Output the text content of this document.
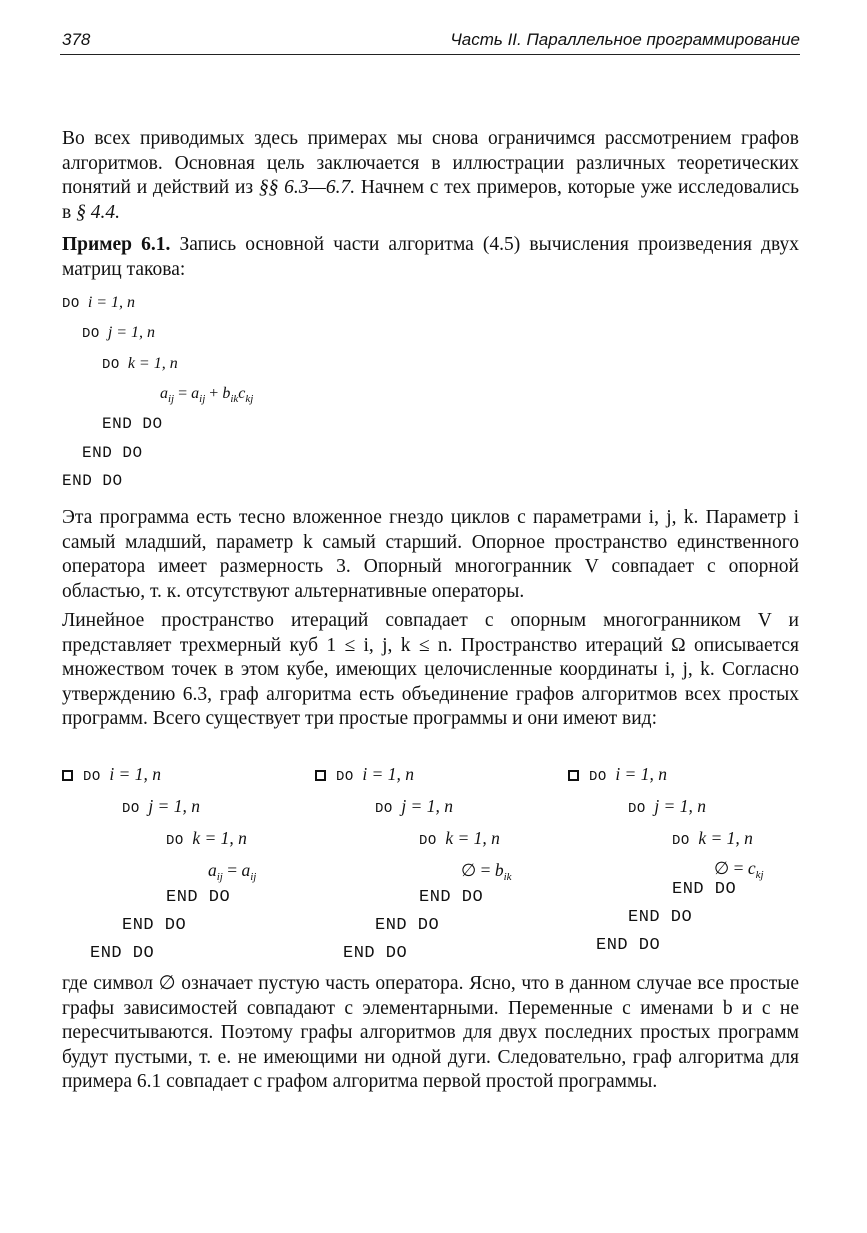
378	Часть II. Параллельное программирование

Во всех приводимых здесь примерах мы снова ограничимся рассмотрением графов алгоритмов. Основная цель заключается в иллюстрации различных теоретических понятий и действий из §§ 6.3—6.7. Начнем с тех примеров, которые уже исследовались в § 4.4.

Пример 6.1. Запись основной части алгоритма (4.5) вычисления произведения двух матриц такова:

DO i = 1, n
DO j = 1, n
DO k = 1, n
$a_{ij} = a_{ij} + b_{ik}c_{kj}$
END DO
END DO
END DO

Эта программа есть тесно вложенное гнездо циклов с параметрами i, j, k. Параметр i самый младший, параметр k самый старший. Опорное пространство единственного оператора имеет размерность 3. Опорный многогранник V совпадает с опорной областью, т. к. отсутствуют альтернативные операторы.

Линейное пространство итераций совпадает с опорным многогранником V и представляет трехмерный куб 1 ≤ i, j, k ≤ n. Пространство итераций Ω описывается множеством точек в этом кубе, имеющих целочисленные координаты i, j, k. Согласно утверждению 6.3, граф алгоритма есть объединение графов алгоритмов всех простых программ. Всего существует три простые программы и они имеют вид:

DO i = 1, n
DO j = 1, n
DO k = 1, n
$a_{ij} = a_{ij}$
END DO
END DO
END DO
DO i = 1, n
DO j = 1, n
DO k = 1, n
∅ = $b_{ik}$
END DO
END DO
END DO
DO i = 1, n
DO j = 1, n
DO k = 1, n
∅ = $c_{kj}$
END DO
END DO
END DO

где символ ∅ означает пустую часть оператора. Ясно, что в данном случае все простые графы зависимостей совпадают с элементарными. Переменные с именами b и c не пересчитываются. Поэтому графы алгоритмов для двух последних простых программ будут пустыми, т. е. не имеющими ни одной дуги. Следовательно, граф алгоритма для примера 6.1 совпадает с графом алгоритма первой простой программы.
